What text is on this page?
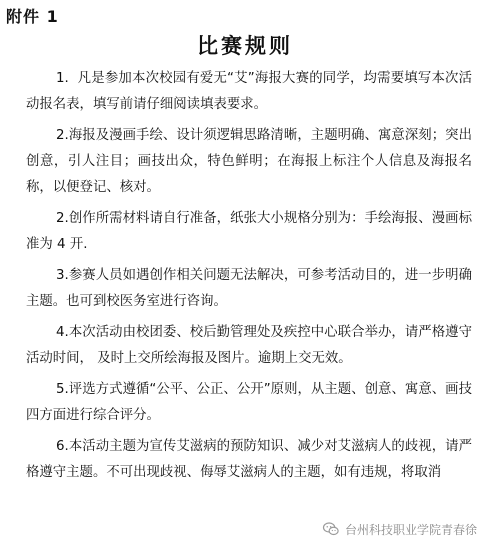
附件 1
比赛规则

1.  凡是参加本次校园有爱无“艾”海报大赛的同学，均需要填写本次活动报名表，填写前请仔细阅读填表要求。

2.海报及漫画手绘、设计须逻辑思路清晰，主题明确、寓意深刻；突出创意，引人注目；画技出众，特色鲜明；在海报上标注个人信息及海报名称，以便登记、核对。

2.创作所需材料请自行准备，纸张大小规格分别为：手绘海报、漫画标准为 4 开.

3.参赛人员如遇创作相关问题无法解决，可参考活动目的，进一步明确主题。也可到校医务室进行咨询。

4.本次活动由校团委、校后勤管理处及疾控中心联合举办，请严格遵守活动时间， 及时上交所绘海报及图片。逾期上交无效。

5.评选方式遵循“公平、公正、公开”原则，从主题、创意、寓意、画技四方面进行综合评分。

6.本活动主题为宣传艾滋病的预防知识、减少对艾滋病人的歧视，请严格遵守主题。不可出现歧视、侮辱艾滋病人的主题，如有违规，将取消

台州科技职业学院青春徐
